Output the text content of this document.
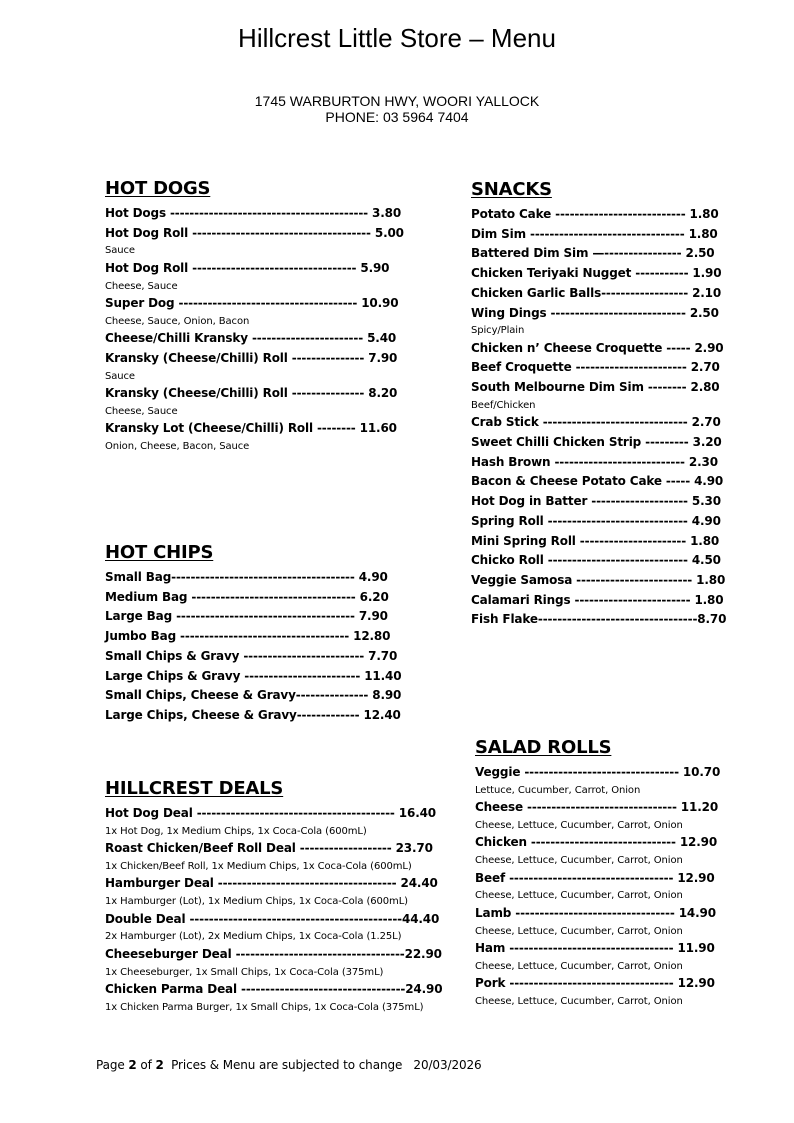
Hillcrest Little Store – Menu
1745 WARBURTON HWY, WOORI YALLOCK
PHONE: 03 5964 7404
HOT DOGS
Hot Dogs ----------------------------------------- 3.80
Hot Dog Roll ------------------------------------- 5.00
Sauce
Hot Dog Roll ---------------------------------- 5.90
Cheese, Sauce
Super Dog ------------------------------------- 10.90
Cheese, Sauce, Onion, Bacon
Cheese/Chilli Kransky ----------------------- 5.40
Kransky (Cheese/Chilli) Roll --------------- 7.90
Sauce
Kransky (Cheese/Chilli) Roll --------------- 8.20
Cheese, Sauce
Kransky Lot (Cheese/Chilli) Roll -------- 11.60
Onion, Cheese, Bacon, Sauce
SNACKS
Potato Cake --------------------------- 1.80
Dim Sim -------------------------------- 1.80
Battered Dim Sim —---------------- 2.50
Chicken Teriyaki Nugget ----------- 1.90
Chicken Garlic Balls------------------ 2.10
Wing Dings ---------------------------- 2.50
Spicy/Plain
Chicken n’ Cheese Croquette ----- 2.90
Beef Croquette ----------------------- 2.70
South Melbourne Dim Sim -------- 2.80
Beef/Chicken
Crab Stick ------------------------------ 2.70
Sweet Chilli Chicken Strip --------- 3.20
Hash Brown --------------------------- 2.30
Bacon & Cheese Potato Cake ----- 4.90
Hot Dog in Batter -------------------- 5.30
Spring Roll ----------------------------- 4.90
Mini Spring Roll ---------------------- 1.80
Chicko Roll ----------------------------- 4.50
Veggie Samosa ------------------------ 1.80
Calamari Rings ------------------------ 1.80
Fish Flake---------------------------------8.70
HOT CHIPS
Small Bag-------------------------------------- 4.90
Medium Bag ---------------------------------- 6.20
Large Bag ------------------------------------- 7.90
Jumbo Bag ----------------------------------- 12.80
Small Chips & Gravy ------------------------- 7.70
Large Chips & Gravy ------------------------ 11.40
Small Chips, Cheese & Gravy--------------- 8.90
Large Chips, Cheese & Gravy------------- 12.40
SALAD ROLLS
Veggie -------------------------------- 10.70
Lettuce, Cucumber, Carrot, Onion
Cheese ------------------------------- 11.20
Cheese, Lettuce, Cucumber, Carrot, Onion
Chicken ------------------------------ 12.90
Cheese, Lettuce, Cucumber, Carrot, Onion
Beef ---------------------------------- 12.90
Cheese, Lettuce, Cucumber, Carrot, Onion
Lamb --------------------------------- 14.90
Cheese, Lettuce, Cucumber, Carrot, Onion
Ham ---------------------------------- 11.90
Cheese, Lettuce, Cucumber, Carrot, Onion
Pork ---------------------------------- 12.90
Cheese, Lettuce, Cucumber, Carrot, Onion
HILLCREST DEALS
Hot Dog Deal ----------------------------------------- 16.40
1x Hot Dog, 1x Medium Chips, 1x Coca-Cola (600mL)
Roast Chicken/Beef Roll Deal ------------------- 23.70
1x Chicken/Beef Roll, 1x Medium Chips, 1x Coca-Cola (600mL)
Hamburger Deal ------------------------------------- 24.40
1x Hamburger (Lot), 1x Medium Chips, 1x Coca-Cola (600mL)
Double Deal --------------------------------------------44.40
2x Hamburger (Lot), 2x Medium Chips, 1x Coca-Cola (1.25L)
Cheeseburger Deal -----------------------------------22.90
1x Cheeseburger, 1x Small Chips, 1x Coca-Cola (375mL)
Chicken Parma Deal ----------------------------------24.90
1x Chicken Parma Burger, 1x Small Chips, 1x Coca-Cola (375mL)
Page 2 of 2 Prices & Menu are subjected to change 20/03/2026
